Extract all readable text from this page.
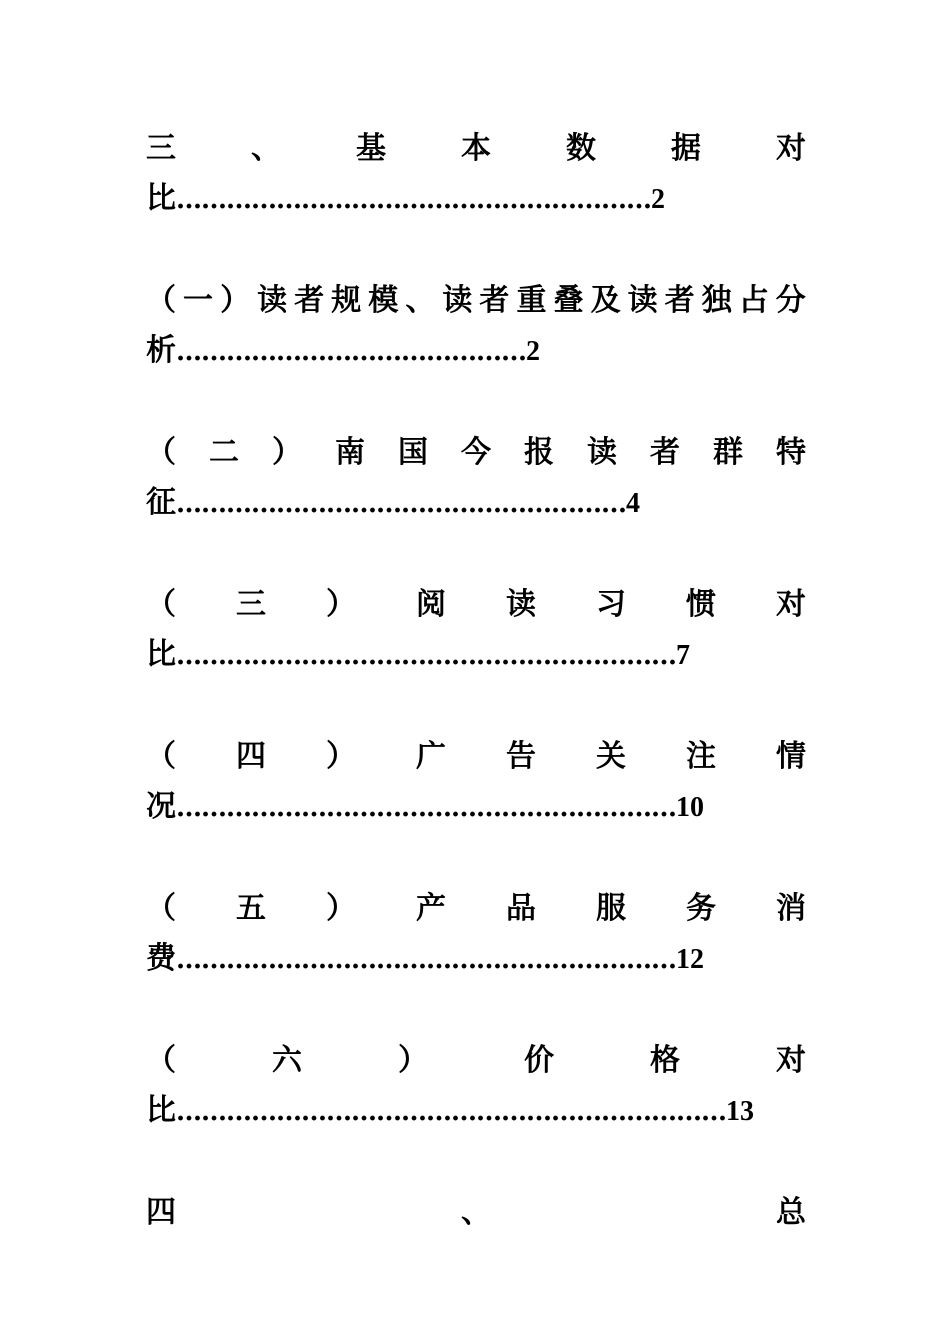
三	、	基	本	数	据	对
比…………………………………………………2
（ 一 ） 读 者 规 模 、 读 者 重 叠 及 读 者 独 占 分
析……………………………………2
（ 二 ） 南 国 今 报 读 者 群 特
征………………………………………………4
（ 三 ） 阅 读 习 惯 对
比……………………………………………………7
（ 四 ） 广 告 关 注 情
况……………………………………………………10
（ 五 ） 产 品 服 务 消
费……………………………………………………12
（	六	）	价	格	对
比…………………………………………………………13
四	、	总
